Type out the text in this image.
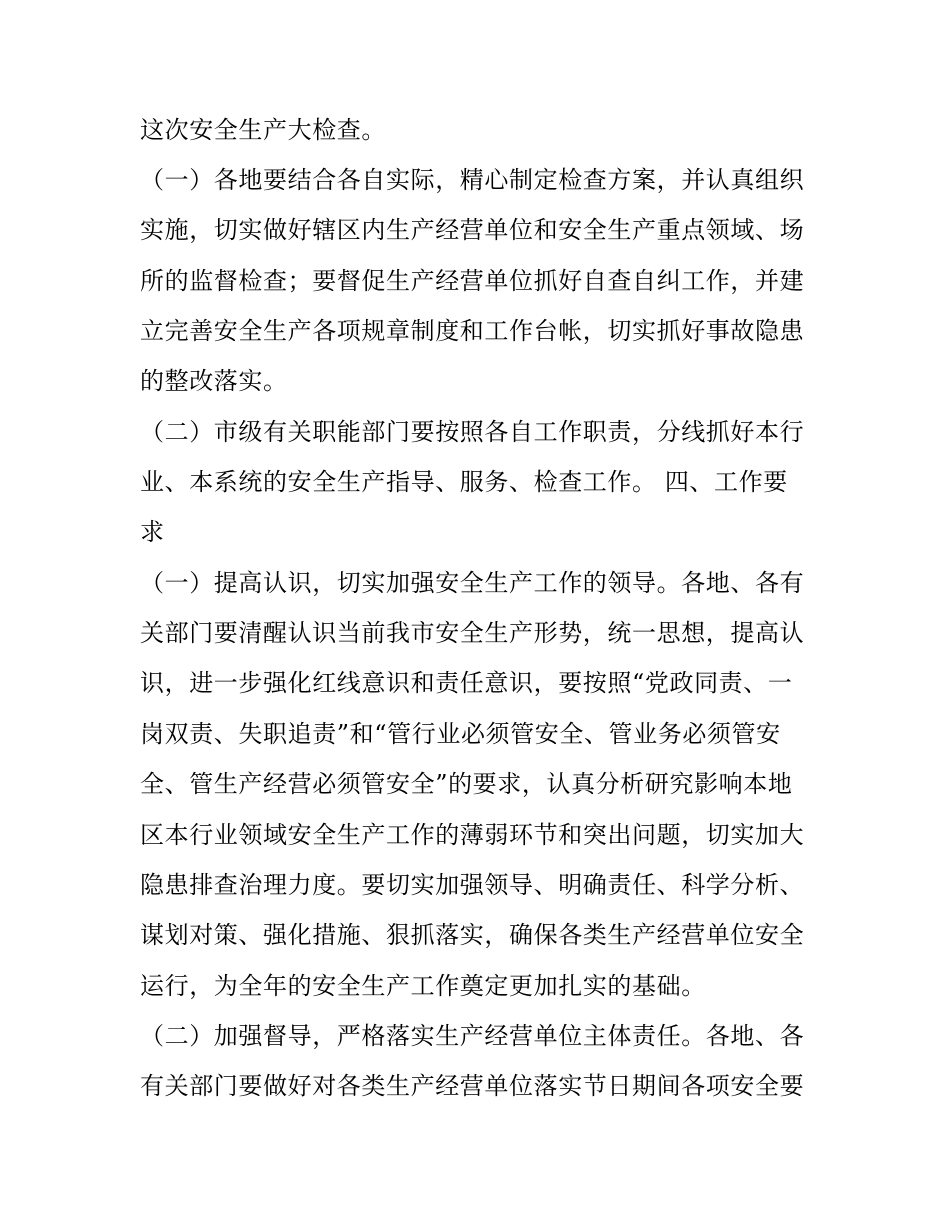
这次安全生产大检查。
（一）各地要结合各自实际，精心制定检查方案，并认真组织
实施，切实做好辖区内生产经营单位和安全生产重点领域、场
所的监督检查；要督促生产经营单位抓好自查自纠工作，并建
立完善安全生产各项规章制度和工作台帐，切实抓好事故隐患
的整改落实。
（二）市级有关职能部门要按照各自工作职责，分线抓好本行
业、本系统的安全生产指导、服务、检查工作。 四、工作要
求
（一）提高认识，切实加强安全生产工作的领导。各地、各有
关部门要清醒认识当前我市安全生产形势，统一思想，提高认
识，进一步强化红线意识和责任意识，要按照“党政同责、一
岗双责、失职追责”和“管行业必须管安全、管业务必须管安
全、管生产经营必须管安全”的要求，认真分析研究影响本地
区本行业领域安全生产工作的薄弱环节和突出问题，切实加大
隐患排查治理力度。要切实加强领导、明确责任、科学分析、
谋划对策、强化措施、狠抓落实，确保各类生产经营单位安全
运行，为全年的安全生产工作奠定更加扎实的基础。
（二）加强督导，严格落实生产经营单位主体责任。各地、各
有关部门要做好对各类生产经营单位落实节日期间各项安全要
